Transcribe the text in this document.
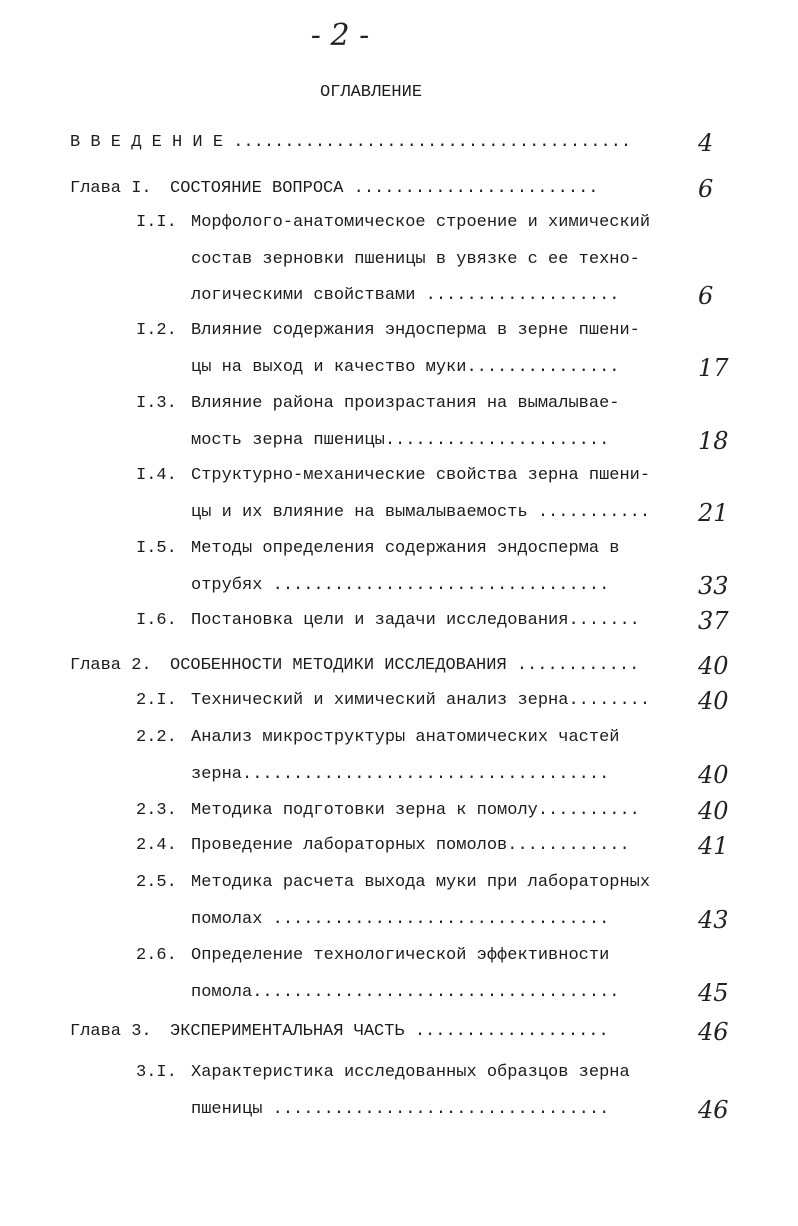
- 2 -
ОГЛАВЛЕНИЕ
В В Е Д Е Н И Е .......................................	4
Глава I. СОСТОЯНИЕ ВОПРОСА ........................	6
I.I. Морфолого-анатомическое строение и химический
состав зерновки пшеницы в увязке с ее техно-
логическими свойствами ...................	6
I.2. Влияние содержания эндосперма в зерне пшени-
цы на выход и качество муки...............	17
I.3. Влияние района произрастания на вымалывае-
мость зерна пшеницы......................	18
I.4. Структурно-механические свойства зерна пшени-
цы и их влияние на вымалываемость ........... 21
I.5. Методы определения содержания эндосперма в
отрубях .................................	33
I.6. Постановка цели и задачи исследования....... 37
Глава 2. ОСОБЕННОСТИ МЕТОДИКИ ИССЛЕДОВАНИЯ ............ 40
2.I. Технический и химический анализ зерна........ 40
2.2. Анализ микроструктуры анатомических частей
зерна....................................	40
2.3. Методика подготовки зерна к помолу.......... 40
2.4. Проведение лабораторных помолов............	41
2.5. Методика расчета выхода муки при лабораторных
помолах .................................	43
2.6. Определение технологической эффективности
помола....................................	45
Глава 3. ЭКСПЕРИМЕНТАЛЬНАЯ ЧАСТЬ ...................	46
3.I. Характеристика исследованных образцов зерна
пшеницы .................................	46
